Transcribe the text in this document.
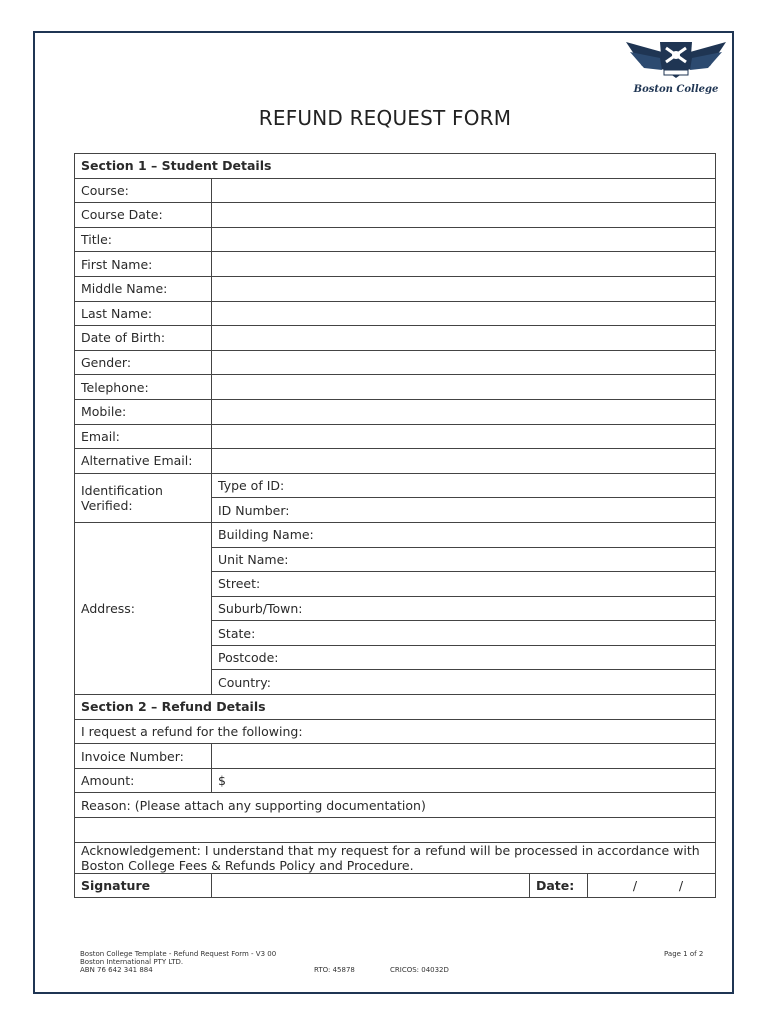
Boston College
REFUND REQUEST FORM
Section 1 – Student Details			
Course:			
Course Date:			
Title:			
First Name:			
Middle Name:			
Last Name:			
Date of Birth:			
Gender:			
Telephone:			
Mobile:			
Email:			
Alternative Email:			
Identification Verified:	Type of ID:		
	ID Number:		
Address:	Building Name:		
	Unit Name:		
	Street:		
	Suburb/Town:		
	State:		
	Postcode:		
	Country:		
Section 2 – Refund Details			
I request a refund for the following:			
Invoice Number:			
Amount:	$		
Reason: (Please attach any supporting documentation)			

Acknowledgement: I understand that my request for a refund will be processed in accordance with Boston College Fees & Refunds Policy and Procedure.			
Signature		Date:	/ /
Boston College Template - Refund Request Form - V3 00
Boston International PTY LTD.
ABN 76 642 341 884	RTO: 45878	CRICOS: 04032D
Page 1 of 2
